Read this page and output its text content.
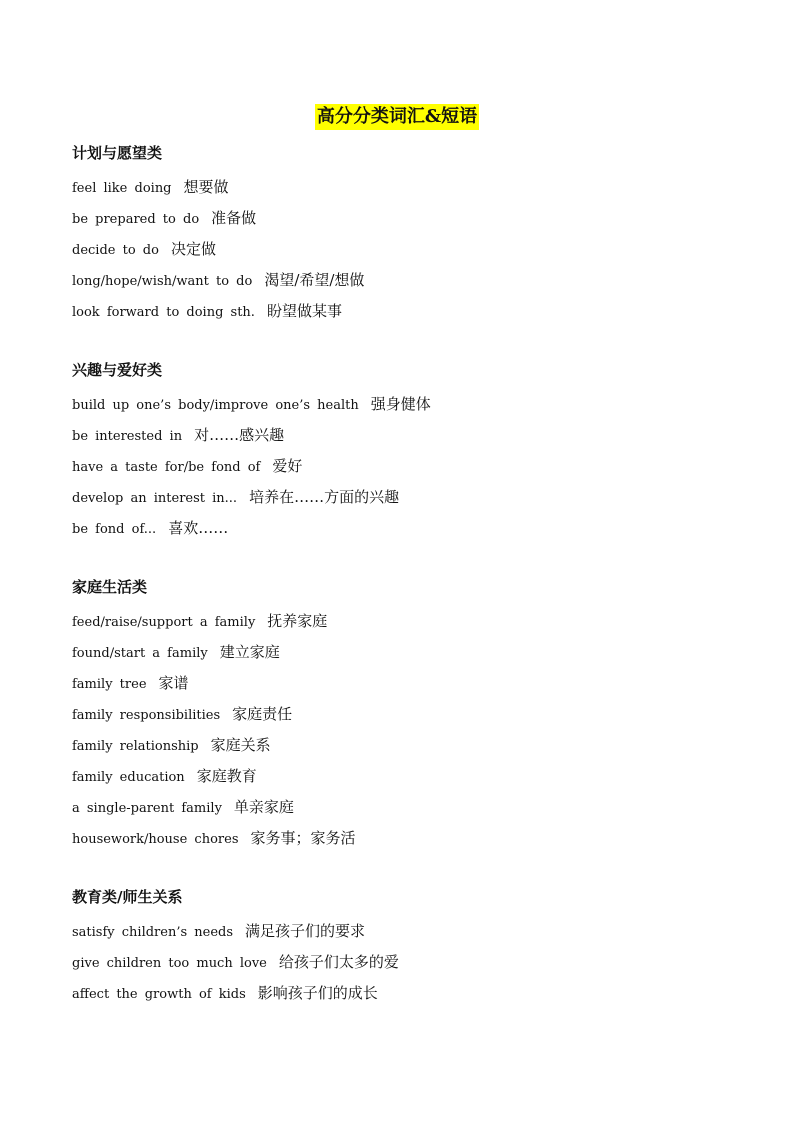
高分分类词汇&短语
计划与愿望类
feel like doing 想要做
be prepared to do 准备做
decide to do 决定做
long/hope/wish/want to do 渴望/希望/想做
look forward to doing sth. 盼望做某事
兴趣与爱好类
build up one’s body/improve one’s health 强身健体
be interested in 对……感兴趣
have a taste for/be fond of 爱好
develop an interest in... 培养在……方面的兴趣
be fond of... 喜欢……
家庭生活类
feed/raise/support a family 抚养家庭
found/start a family 建立家庭
family tree 家谱
family responsibilities 家庭责任
family relationship 家庭关系
family education 家庭教育
a single-parent family 单亲家庭
housework/house chores 家务事；家务活
教育类/师生关系
satisfy children’s needs 满足孩子们的要求
give children too much love 给孩子们太多的爱
affect the growth of kids 影响孩子们的成长
